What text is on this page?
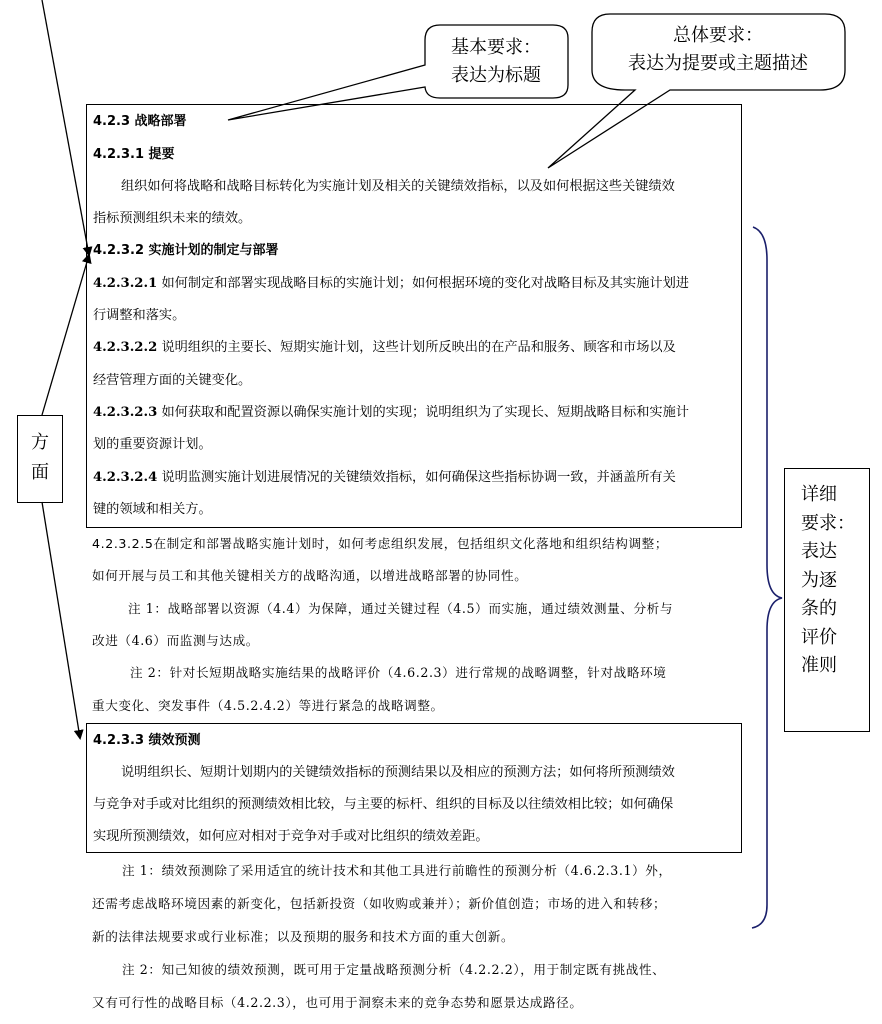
基本要求：
表达为标题
总体要求：
表达为提要或主题描述
方
面
详细
要求：
表达
为逐
条的
评价
准则
4.2.3 战略部署
4.2.3.1 提要
组织如何将战略和战略目标转化为实施计划及相关的关键绩效指标，以及如何根据这些关键绩效
指标预测组织未来的绩效。
4.2.3.2 实施计划的制定与部署
4.2.3.2.1 如何制定和部署实现战略目标的实施计划；如何根据环境的变化对战略目标及其实施计划进
行调整和落实。
4.2.3.2.2 说明组织的主要长、短期实施计划，这些计划所反映出的在产品和服务、顾客和市场以及
经营管理方面的关键变化。
4.2.3.2.3 如何获取和配置资源以确保实施计划的实现；说明组织为了实现长、短期战略目标和实施计
划的重要资源计划。
4.2.3.2.4 说明监测实施计划进展情况的关键绩效指标，如何确保这些指标协调一致，并涵盖所有关
键的领域和相关方。
4.2.3.2.5在制定和部署战略实施计划时，如何考虑组织发展，包括组织文化落地和组织结构调整；
如何开展与员工和其他关键相关方的战略沟通，以增进战略部署的协同性。
注 1：战略部署以资源（4.4）为保障，通过关键过程（4.5）而实施，通过绩效测量、分析与
改进（4.6）而监测与达成。
注 2：针对长短期战略实施结果的战略评价（4.6.2.3）进行常规的战略调整，针对战略环境
重大变化、突发事件（4.5.2.4.2）等进行紧急的战略调整。
4.2.3.3 绩效预测
说明组织长、短期计划期内的关键绩效指标的预测结果以及相应的预测方法；如何将所预测绩效
与竞争对手或对比组织的预测绩效相比较，与主要的标杆、组织的目标及以往绩效相比较；如何确保
实现所预测绩效，如何应对相对于竞争对手或对比组织的绩效差距。
注 1：绩效预测除了采用适宜的统计技术和其他工具进行前瞻性的预测分析（4.6.2.3.1）外，
还需考虑战略环境因素的新变化，包括新投资（如收购或兼并）；新价值创造；市场的进入和转移；
新的法律法规要求或行业标准；以及预期的服务和技术方面的重大创新。
注 2：知己知彼的绩效预测，既可用于定量战略预测分析（4.2.2.2），用于制定既有挑战性、
又有可行性的战略目标（4.2.2.3），也可用于洞察未来的竞争态势和愿景达成路径。
